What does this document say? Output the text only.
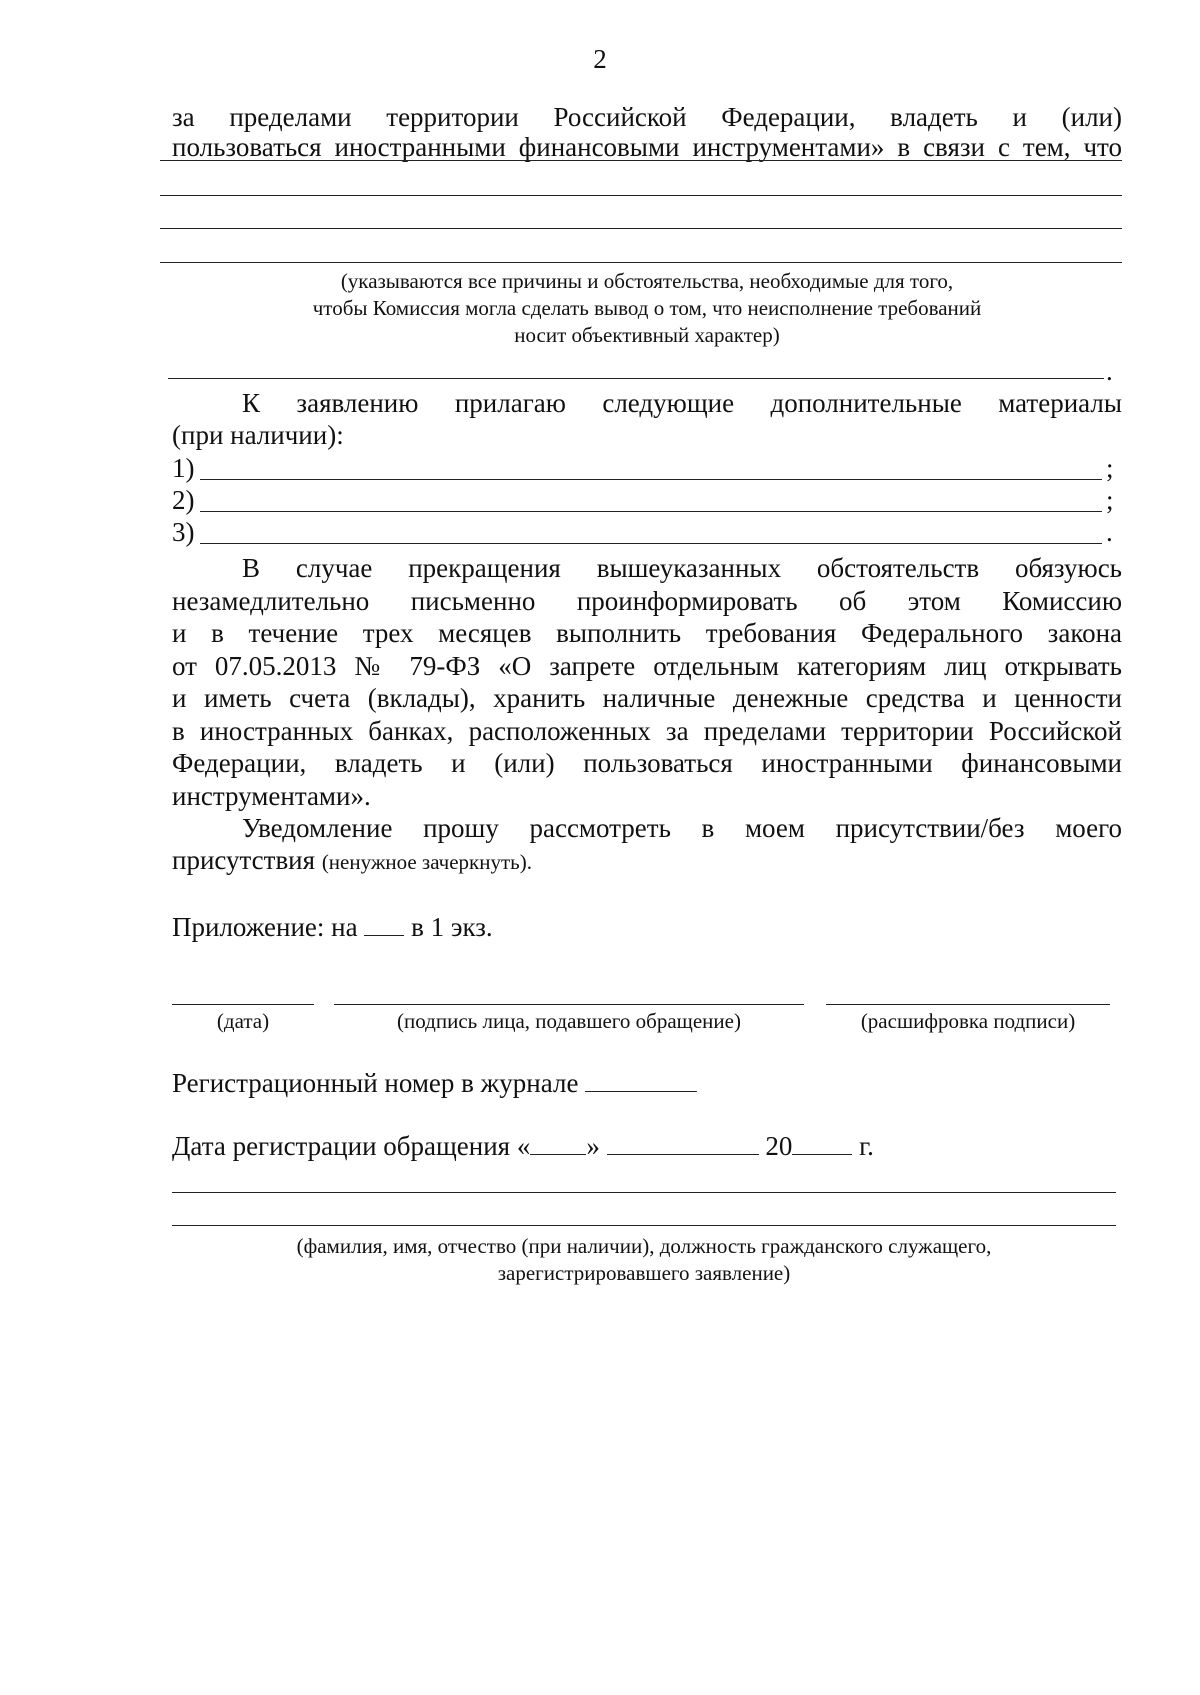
2
за пределами территории Российской Федерации, владеть и (или)
пользоваться иностранными финансовыми инструментами» в связи с тем, что
(указываются все причины и обстоятельства, необходимые для того,
чтобы Комиссия могла сделать вывод о том, что неисполнение требований
носит объективный характер)
.
К заявлению прилагаю следующие дополнительные материалы
(при наличии):
1)	;
2)	;
3)	.
В случае прекращения вышеуказанных обстоятельств обязуюсь
незамедлительно письменно проинформировать об этом Комиссию
и в течение трех месяцев выполнить требования Федерального закона
от 07.05.2013 № 79-ФЗ «О запрете отдельным категориям лиц открывать
и иметь счета (вклады), хранить наличные денежные средства и ценности
в иностранных банках, расположенных за пределами территории Российской
Федерации, владеть и (или) пользоваться иностранными финансовыми
инструментами».
Уведомление прошу рассмотреть в моем присутствии/без моего
присутствия (ненужное зачеркнуть).
Приложение: на в 1 экз.
(дата)	(подпись лица, подавшего обращение)	(расшифровка подписи)
Регистрационный номер в журнале
Дата регистрации обращения « »	20 г.
(фамилия, имя, отчество (при наличии), должность гражданского служащего,
зарегистрировавшего заявление)
